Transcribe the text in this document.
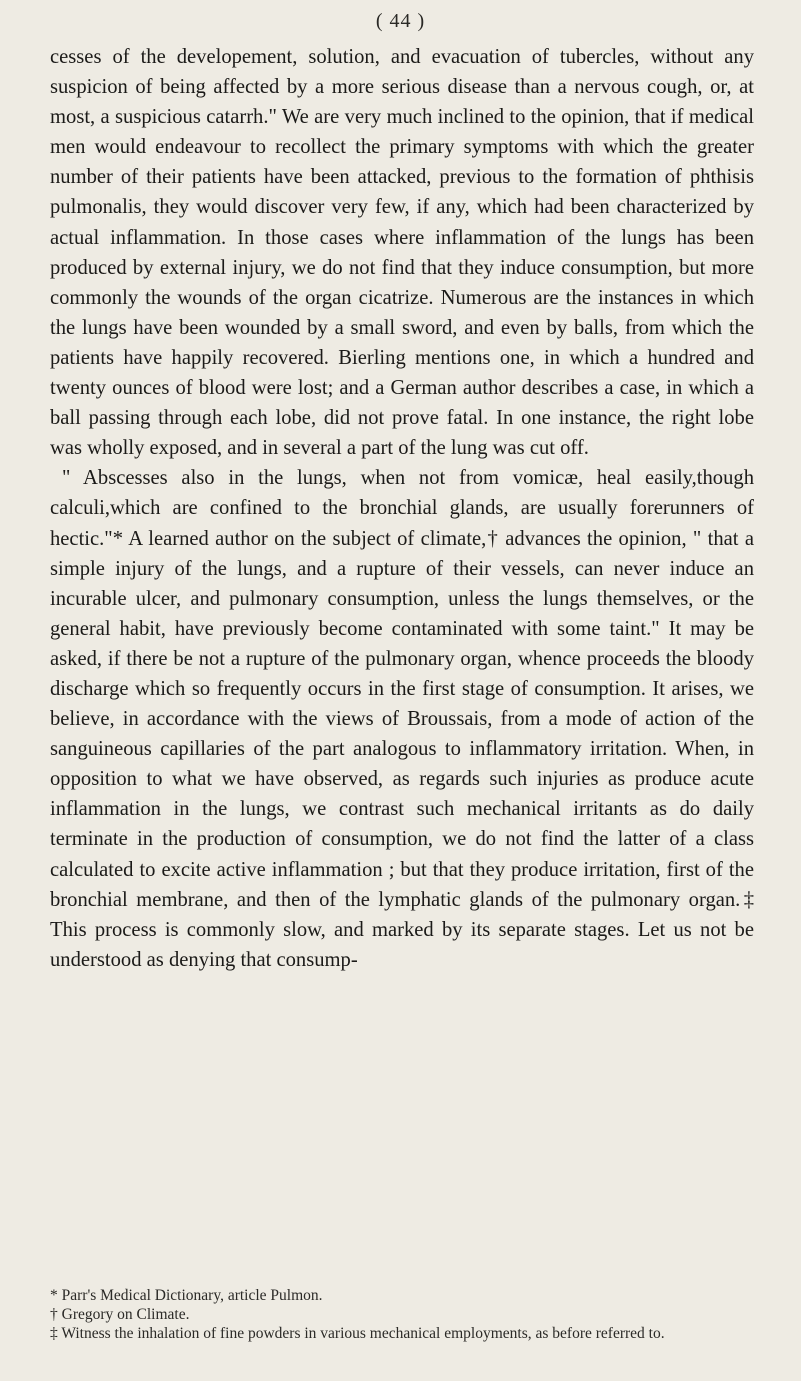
( 44 )

cesses of the developement, solution, and evacuation of tubercles, without any suspicion of being affected by a more serious disease than a nervous cough, or, at most, a suspicious catarrh." We are very much inclined to the opinion, that if medical men would endeavour to recollect the primary symptoms with which the greater number of their patients have been attacked, previous to the formation of phthisis pulmonalis, they would discover very few, if any, which had been characterized by actual inflammation. In those cases where inflammation of the lungs has been produced by external injury, we do not find that they induce consumption, but more commonly the wounds of the organ cicatrize. Numerous are the instances in which the lungs have been wounded by a small sword, and even by balls, from which the patients have happily recovered. Bierling mentions one, in which a hundred and twenty ounces of blood were lost; and a German author describes a case, in which a ball passing through each lobe, did not prove fatal. In one instance, the right lobe was wholly exposed, and in several a part of the lung was cut off.

" Abscesses also in the lungs, when not from vomicæ, heal easily,though calculi,which are confined to the bronchial glands, are usually forerunners of hectic."* A learned author on the subject of climate,† advances the opinion, " that a simple injury of the lungs, and a rupture of their vessels, can never induce an incurable ulcer, and pulmonary consumption, unless the lungs themselves, or the general habit, have previously become contaminated with some taint." It may be asked, if there be not a rupture of the pulmonary organ, whence proceeds the bloody discharge which so frequently occurs in the first stage of consumption. It arises, we believe, in accordance with the views of Broussais, from a mode of action of the sanguineous capillaries of the part analogous to inflammatory irritation. When, in opposition to what we have observed, as regards such injuries as produce acute inflammation in the lungs, we contrast such mechanical irritants as do daily terminate in the production of consumption, we do not find the latter of a class calculated to excite active inflammation ; but that they produce irritation, first of the bronchial membrane, and then of the lymphatic glands of the pulmonary organ.‡ This process is commonly slow, and marked by its separate stages. Let us not be understood as denying that consump-

* Parr's Medical Dictionary, article Pulmon.
† Gregory on Climate.
‡ Witness the inhalation of fine powders in various mechanical employments, as before referred to.
